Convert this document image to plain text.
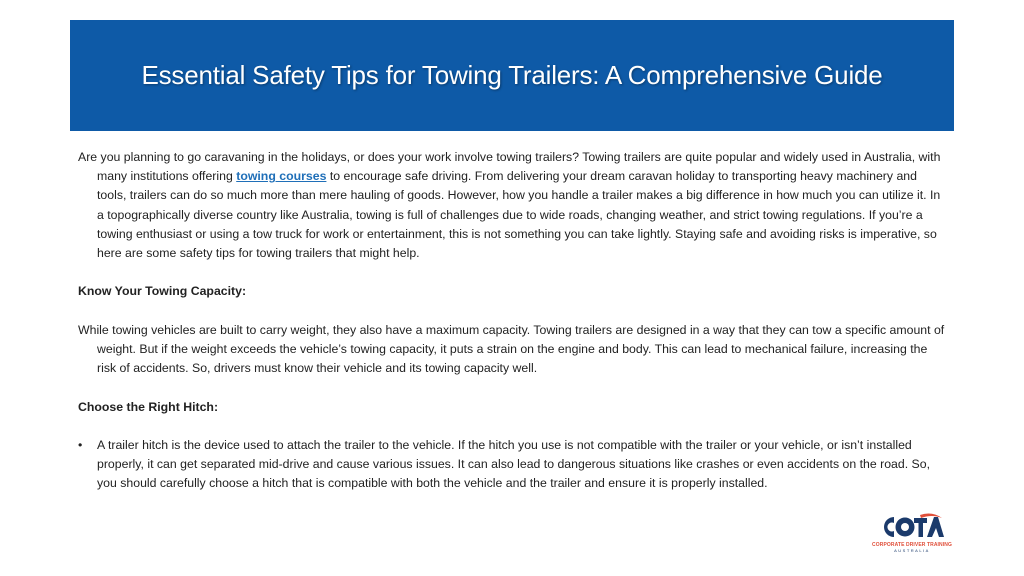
Essential Safety Tips for Towing Trailers: A Comprehensive Guide

Are you planning to go caravaning in the holidays, or does your work involve towing trailers? Towing trailers are quite popular and widely used in Australia, with many institutions offering towing courses to encourage safe driving. From delivering your dream caravan holiday to transporting heavy machinery and tools, trailers can do so much more than mere hauling of goods. However, how you handle a trailer makes a big difference in how much you can utilize it. In a topographically diverse country like Australia, towing is full of challenges due to wide roads, changing weather, and strict towing regulations. If you’re a towing enthusiast or using a tow truck for work or entertainment, this is not something you can take lightly. Staying safe and avoiding risks is imperative, so here are some safety tips for towing trailers that might help.

Know Your Towing Capacity:

While towing vehicles are built to carry weight, they also have a maximum capacity. Towing trailers are designed in a way that they can tow a specific amount of weight. But if the weight exceeds the vehicle’s towing capacity, it puts a strain on the engine and body. This can lead to mechanical failure, increasing the risk of accidents. So, drivers must know their vehicle and its towing capacity well.

Choose the Right Hitch:

•	A trailer hitch is the device used to attach the trailer to the vehicle. If the hitch you use is not compatible with the trailer or your vehicle, or isn’t installed properly, it can get separated mid-drive and cause various issues. It can also lead to dangerous situations like crashes or even accidents on the road. So, you should carefully choose a hitch that is compatible with both the vehicle and the trailer and ensure it is properly installed.
CORPORATE DRIVER TRAINING
AUSTRALIA
